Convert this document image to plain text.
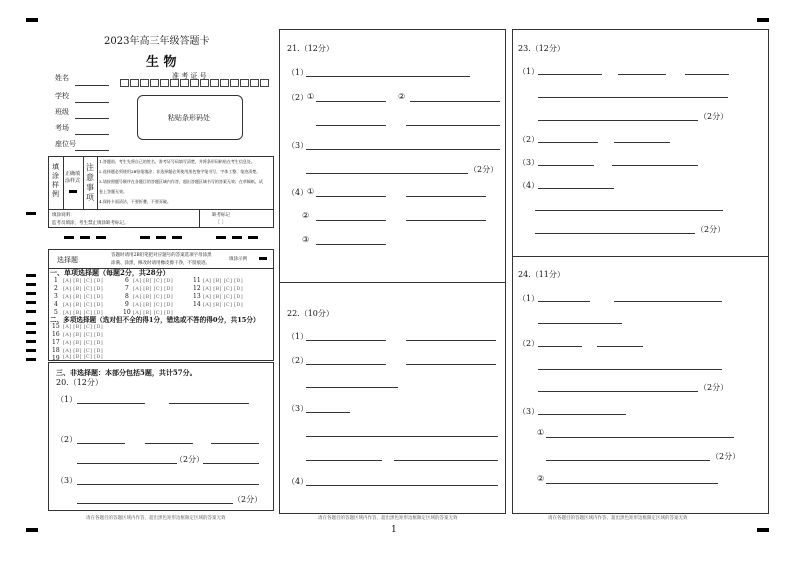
2023年高三年级答题卡
生 物
姓名
学校
班级
考场
座位号
准 考 证 号
粘贴条形码处
填涂样例
正确填涂样式
注意事项
1.答题前，考生先将自己的姓名、准考证号码填写清楚，并将条形码粘贴在考生信息处。
2.选择题必须使用2B铅笔填涂；非选择题必须使用黑色签字笔书写，字体工整、笔迹清楚。
3.请按照题号顺序在各题目的答题区域内作答，超出答题区域书写的答案无效；在草稿纸、试
卷上答题无效。
4.保持卡面清洁，不要折叠、不要弄破。
填涂说明：
监考员填涂，考生禁止填涂缺考标记。
缺考标记
〔 〕
选择题
答题时请用2B铅笔把对应题号的答案选项字母涂黑
涂满、涂黑，修改时请用橡皮擦干净，不留痕迹。
填涂示例
一、单项选择题（每题2分，共28分）
1 [A] [B] [C] [D]
2 [A] [B] [C] [D]
3 [A] [B] [C] [D]
4 [A] [B] [C] [D]
5 [A] [B] [C] [D]
6 [A] [B] [C] [D]
7 [A] [B] [C] [D]
8 [A] [B] [C] [D]
9 [A] [B] [C] [D]
10 [A] [B] [C] [D]
11 [A] [B] [C] [D]
12 [A] [B] [C] [D]
13 [A] [B] [C] [D]
14 [A] [B] [C] [D]
二、多项选择题（选对但不全的得1分，错选或不答的得0分，共15分）
15 [A] [B] [C] [D]
16 [A] [B] [C] [D]
17 [A] [B] [C] [D]
18 [A] [B] [C] [D]
19 [A] [B] [C] [D]
三、非选择题：本部分包括5题，共计57分。
20.（12分）
（1）
（2）
（2分）
（3）
（2分）
21.（12分）
（1）
（2）
①	②
（3）
（2分）
（4）
①
②
③
22.（10分）
（1）
（2）
（3）
（4）
23.（12分）
（1）
（2分）
（2）
（3）
（4）
（2分）
24.（11分）
（1）
（2）
（2分）
（3）
①
（2分）
②
请在各题目的答题区域内作答，超出黑色矩形边框限定区域的答案无效	请在各题目的答题区域内作答，超出黑色矩形边框限定区域的答案无效	请在各题目的答题区域内作答，超出黑色矩形边框限定区域的答案无效
1
